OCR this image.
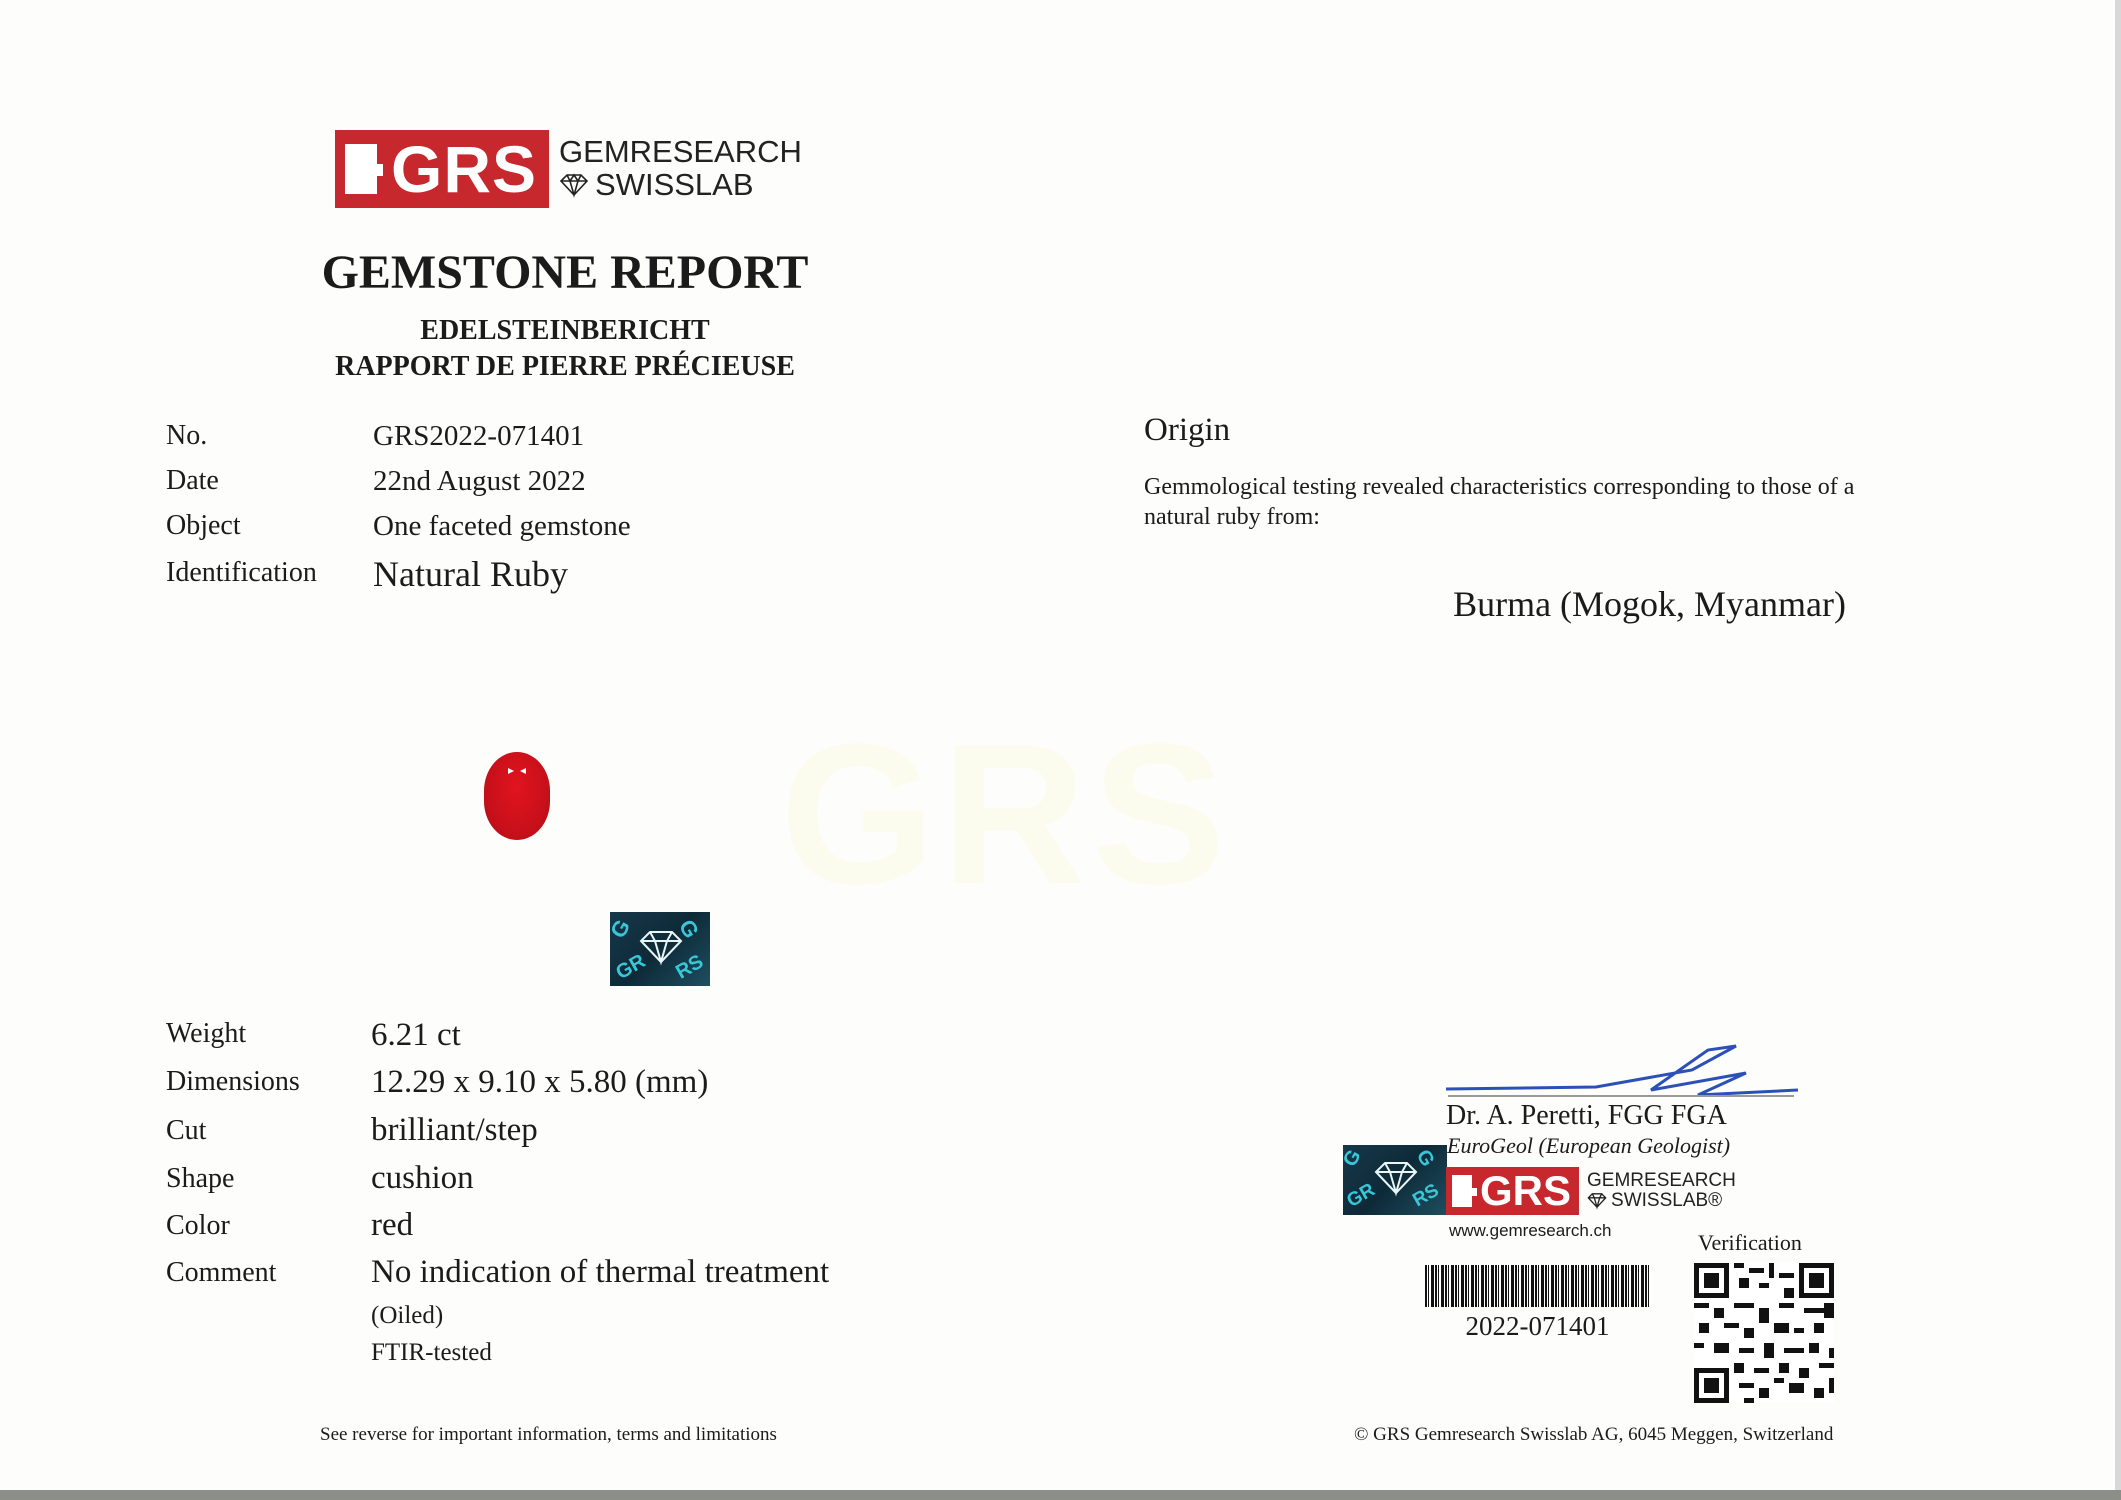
GRS GEMRESEARCH
SWISSLAB
GEMSTONE REPORT
EDELSTEINBERICHT
RAPPORT DE PIERRE PRÉCIEUSE
No.	GRS2022-071401
Date	22nd August 2022
Object	One faceted gemstone
Identification Natural Ruby
Origin
Gemmological testing revealed characteristics corresponding to those of a natural ruby from:
Burma (Mogok, Myanmar)
GRS
G G
GR RS
Weight	6.21 ct
Dimensions 12.29 x 9.10 x 5.80 (mm)
Cut	brilliant/step
Shape	cushion
Color	red
Comment	No indication of thermal treatment
(Oiled)
FTIR-tested
Dr. A. Peretti, FGG FGA
EuroGeol (European Geologist)
G G
GR RS GRS GEMRESEARCH
SWISSLAB®
www.gemresearch.ch	Verification
2022-071401
See reverse for important information, terms and limitations	© GRS Gemresearch Swisslab AG, 6045 Meggen, Switzerland
